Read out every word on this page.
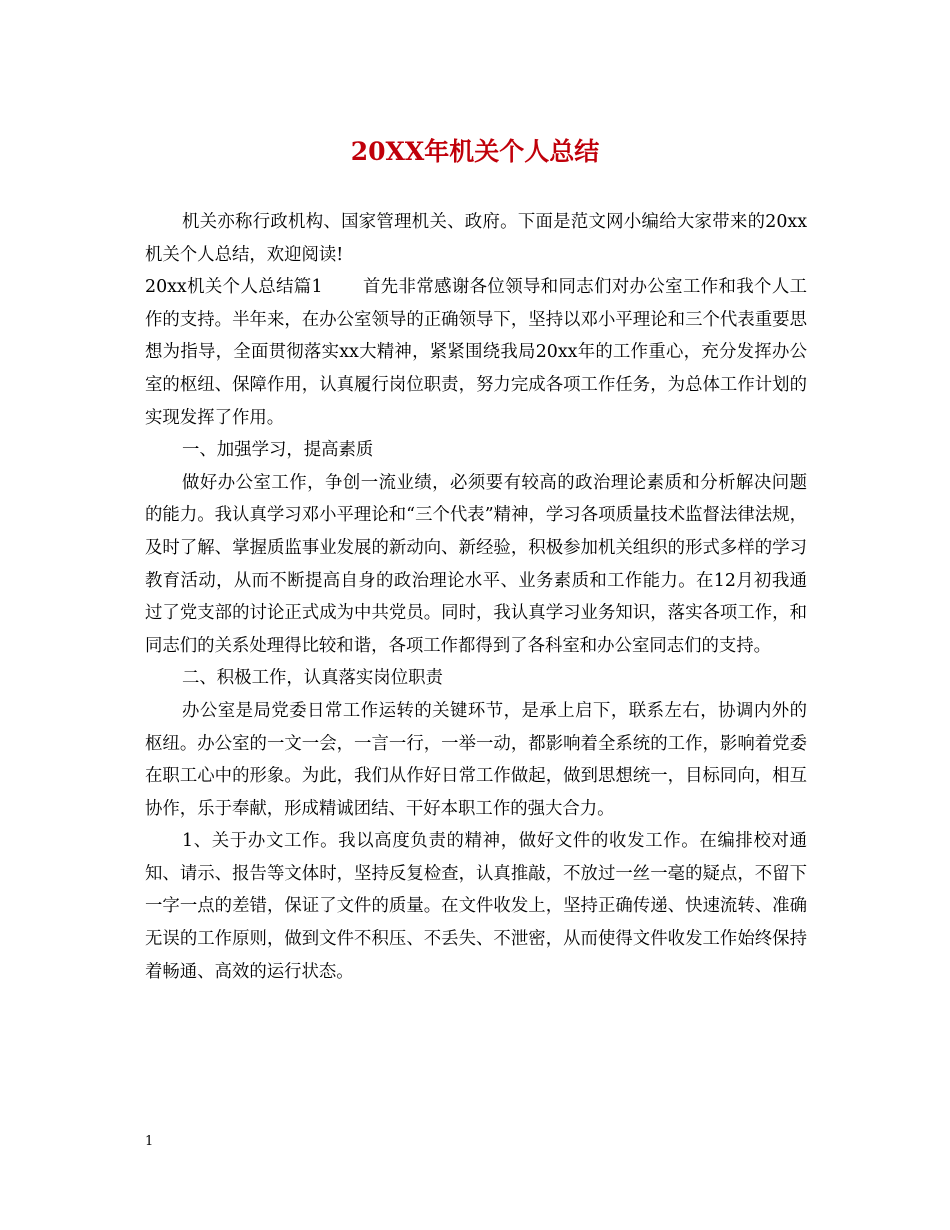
20XX年机关个人总结

机关亦称行政机构、国家管理机关、政府。下面是范文网小编给大家带来的20xx机关个人总结，欢迎阅读!

20xx机关个人总结篇1 首先非常感谢各位领导和同志们对办公室工作和我个人工作的支持。半年来，在办公室领导的正确领导下，坚持以邓小平理论和三个代表重要思想为指导，全面贯彻落实xx大精神，紧紧围绕我局20xx年的工作重心，充分发挥办公室的枢纽、保障作用，认真履行岗位职责，努力完成各项工作任务，为总体工作计划的实现发挥了作用。

一、加强学习，提高素质

做好办公室工作，争创一流业绩，必须要有较高的政治理论素质和分析解决问题的能力。我认真学习邓小平理论和“三个代表”精神，学习各项质量技术监督法律法规，及时了解、掌握质监事业发展的新动向、新经验，积极参加机关组织的形式多样的学习教育活动，从而不断提高自身的政治理论水平、业务素质和工作能力。在12月初我通过了党支部的讨论正式成为中共党员。同时，我认真学习业务知识，落实各项工作，和同志们的关系处理得比较和谐，各项工作都得到了各科室和办公室同志们的支持。

二、积极工作，认真落实岗位职责

办公室是局党委日常工作运转的关键环节，是承上启下，联系左右，协调内外的枢纽。办公室的一文一会，一言一行，一举一动，都影响着全系统的工作，影响着党委在职工心中的形象。为此，我们从作好日常工作做起，做到思想统一，目标同向，相互协作，乐于奉献，形成精诚团结、干好本职工作的强大合力。

1、关于办文工作。我以高度负责的精神，做好文件的收发工作。在编排校对通知、请示、报告等文体时，坚持反复检查，认真推敲，不放过一丝一毫的疑点，不留下一字一点的差错，保证了文件的质量。在文件收发上，坚持正确传递、快速流转、准确无误的工作原则，做到文件不积压、不丢失、不泄密，从而使得文件收发工作始终保持着畅通、高效的运行状态。

1
